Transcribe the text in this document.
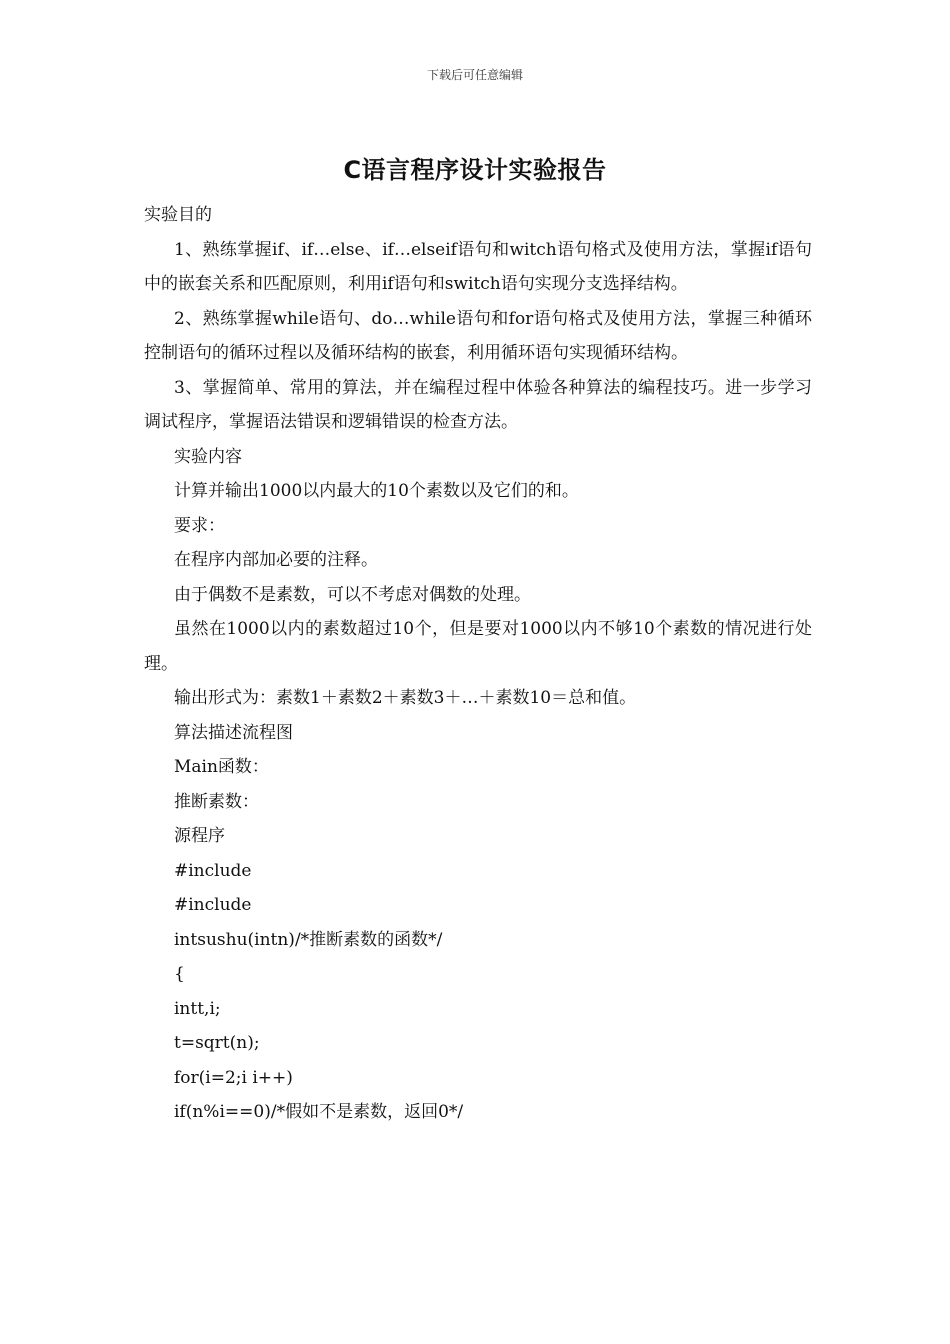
下载后可任意编辑
C语言程序设计实验报告

实验目的

1、熟练掌握if、if…else、if…elseif语句和witch语句格式及使用方法，掌握if语句中的嵌套关系和匹配原则，利用if语句和switch语句实现分支选择结构。

2、熟练掌握while语句、do…while语句和for语句格式及使用方法，掌握三种循环控制语句的循环过程以及循环结构的嵌套，利用循环语句实现循环结构。

3、掌握简单、常用的算法，并在编程过程中体验各种算法的编程技巧。进一步学习调试程序，掌握语法错误和逻辑错误的检查方法。

实验内容

计算并输出1000以内最大的10个素数以及它们的和。

要求：

在程序内部加必要的注释。

由于偶数不是素数，可以不考虑对偶数的处理。

虽然在1000以内的素数超过10个，但是要对1000以内不够10个素数的情况进行处理。

输出形式为：素数1＋素数2＋素数3＋…＋素数10＝总和值。

算法描述流程图

Main函数：

推断素数：

源程序

#include

#include

intsushu(intn)/*推断素数的函数*/

{

intt,i;

t=sqrt(n);

for(i=2;i i++)

if(n%i==0)/*假如不是素数，返回0*/
